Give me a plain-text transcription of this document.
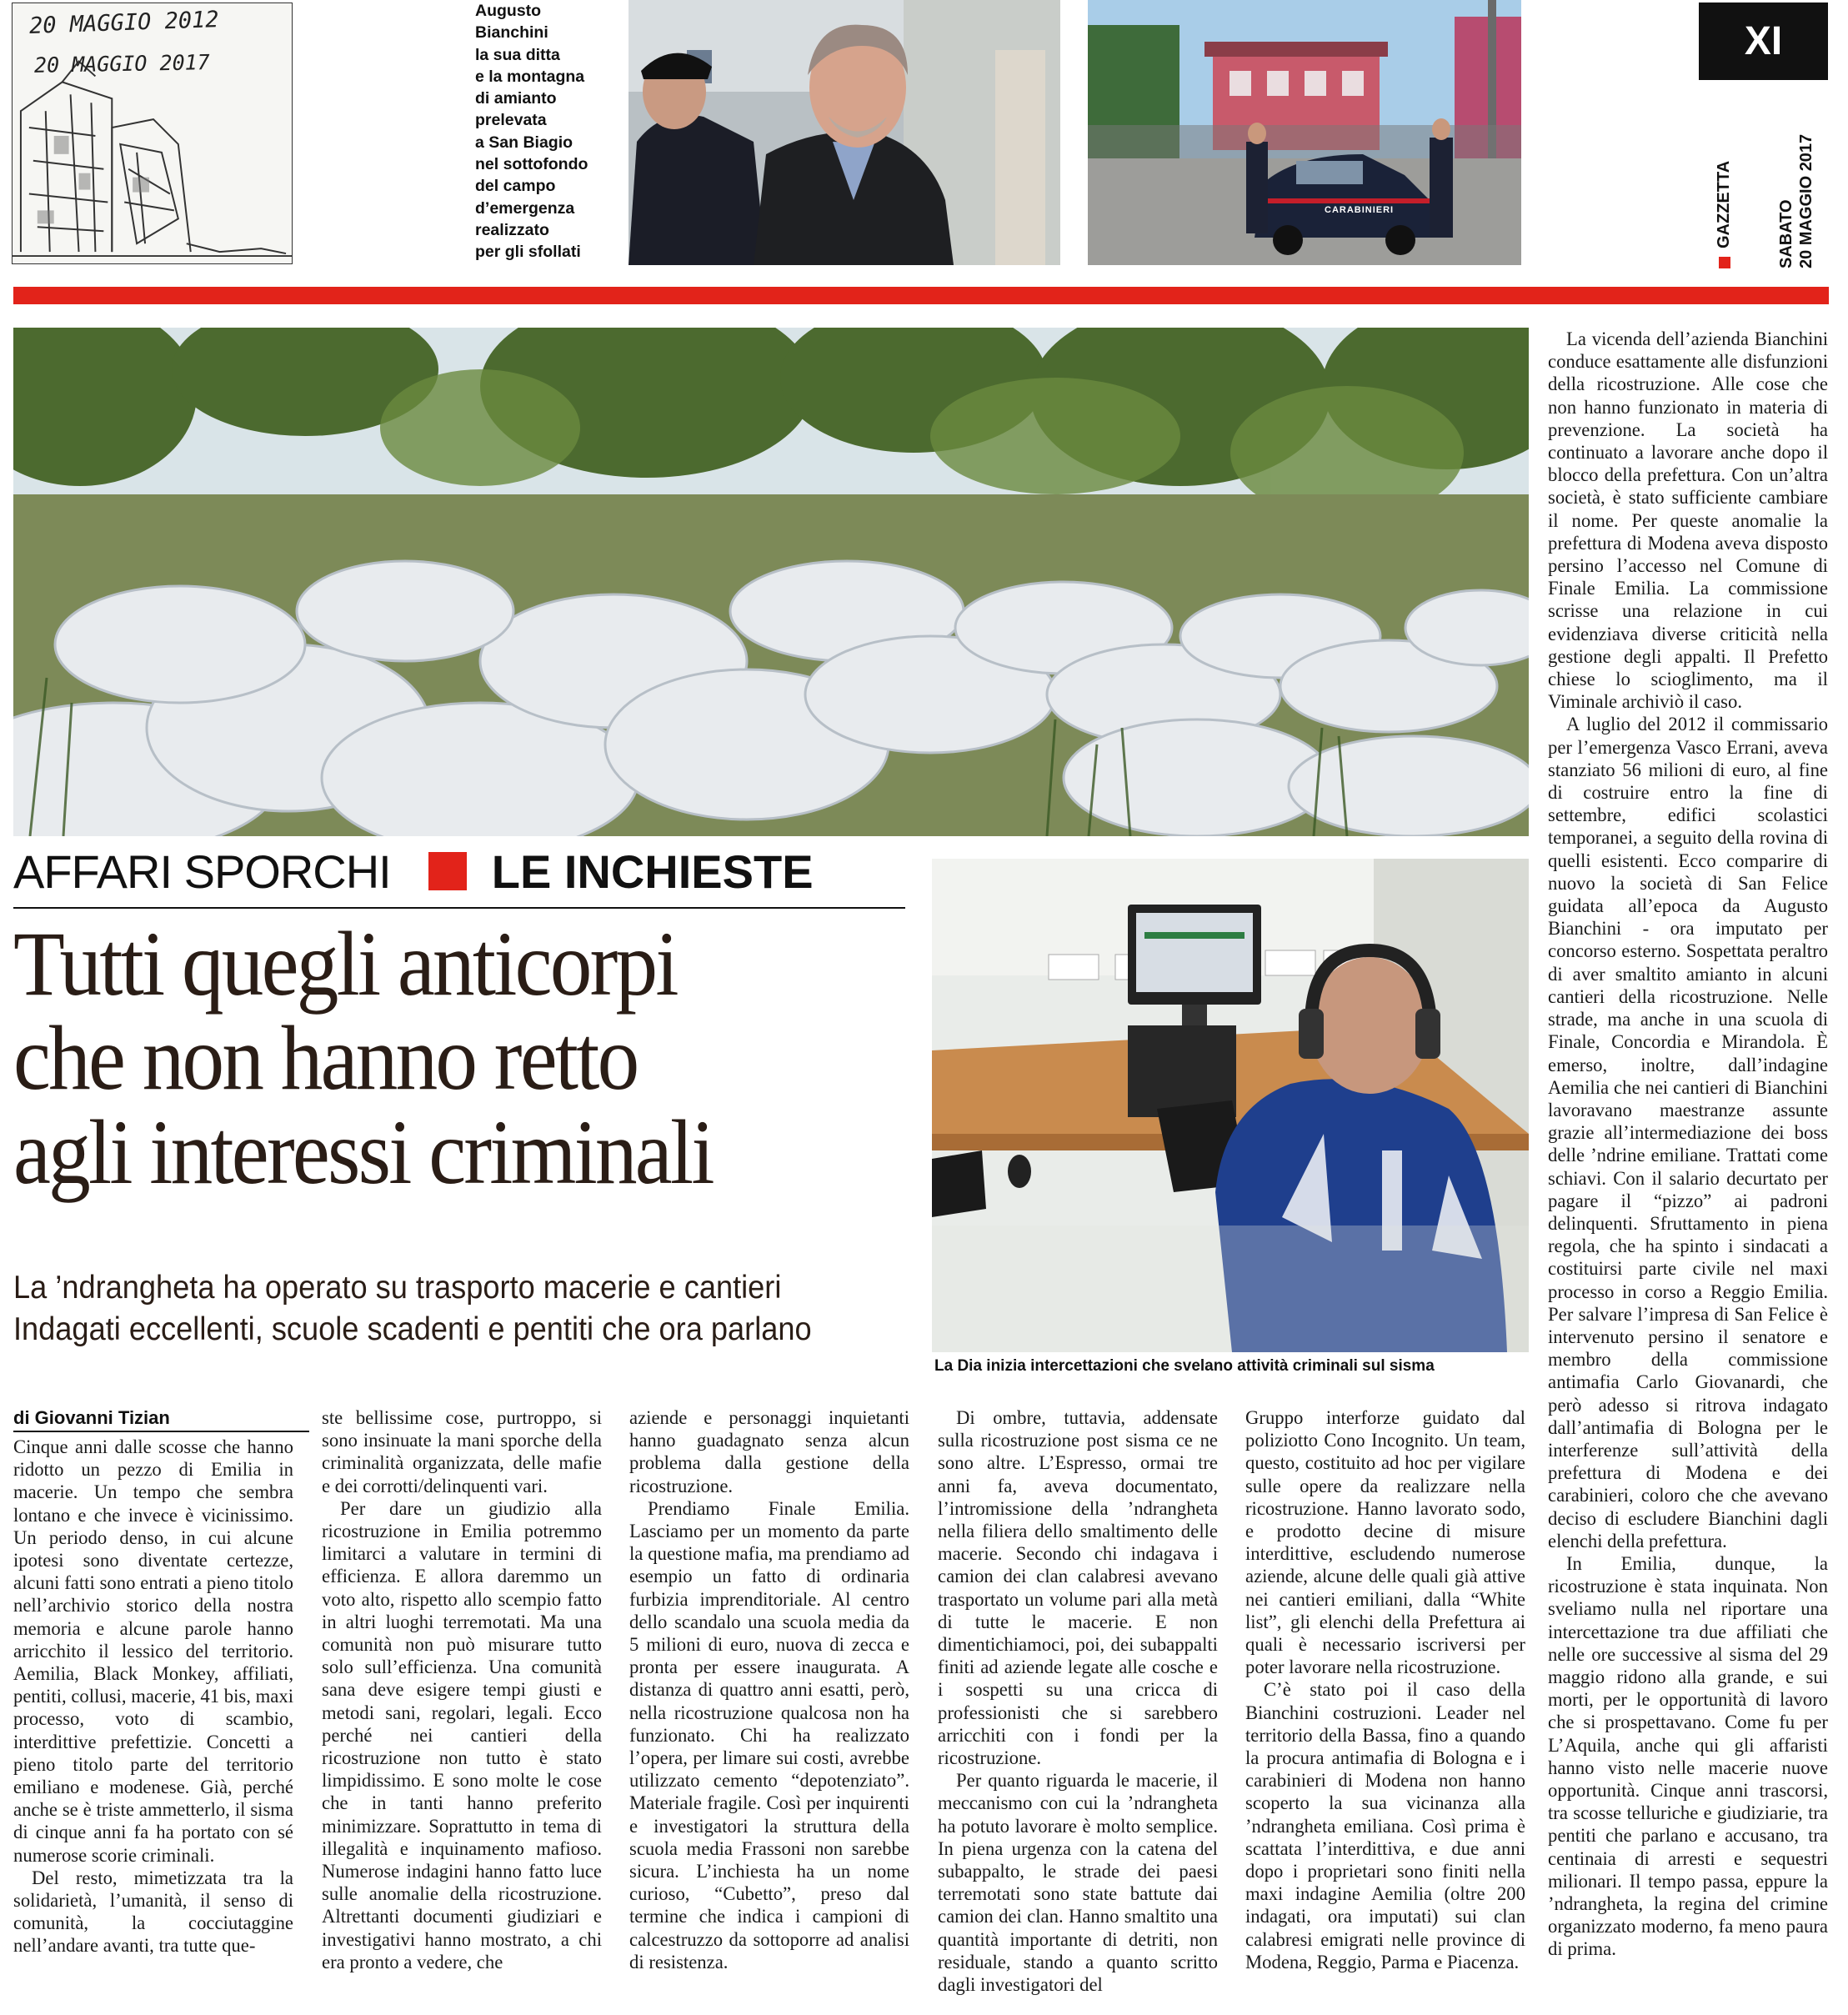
20 MAGGIO 2012
20 MAGGIO 2017
Augusto
Bianchini
la sua ditta
e la montagna
di amianto
prelevata
a San Biagio
nel sottofondo
del campo
d’emergenza
realizzato
per gli sfollati
CARABINIERI
XI
GAZZETTA	SABATO 20 MAGGIO 2017
AFFARI SPORCHI LE INCHIESTE
Tutti quegli anticorpi
che non hanno retto
agli interessi criminali
La ’ndrangheta ha operato su trasporto macerie e cantieri
Indagati eccellenti, scuole scadenti e pentiti che ora parlano
La Dia inizia intercettazioni che svelano attività criminali sul sisma
di Giovanni Tizian

Cinque anni dalle scosse che hanno ridotto un pezzo di Emilia in macerie. Un tempo che sembra lontano e che invece è vicinissimo. Un periodo denso, in cui alcune ipotesi sono diventate certezze, alcuni fatti sono entrati a pieno titolo nell’archivio storico della nostra memoria e alcune parole hanno arricchito il lessico del territorio. Aemilia, Black Monkey, affiliati, pentiti, collusi, macerie, 41 bis, maxi processo, voto di scambio, interdittive prefettizie. Concetti a pieno titolo parte del territorio emiliano e modenese. Già, perché anche se è triste ammetterlo, il sisma di cinque anni fa ha portato con sé numerose scorie criminali.

Del resto, mimetizzata tra la solidarietà, l’umanità, il senso di comunità, la cocciutaggine nell’andare avanti, tra tutte que-

ste bellissime cose, purtroppo, si sono insinuate la mani sporche della criminalità organizzata, delle mafie e dei corrotti/delinquenti vari.

Per dare un giudizio alla ricostruzione in Emilia potremmo limitarci a valutare in termini di efficienza. E allora daremmo un voto alto, rispetto allo scempio fatto in altri luoghi terremotati. Ma una comunità non può misurare tutto solo sull’efficienza. Una comunità sana deve esigere tempi giusti e metodi sani, regolari, legali. Ecco perché nei cantieri della ricostruzione non tutto è stato limpidissimo. E sono molte le cose che in tanti hanno preferito minimizzare. Soprattutto in tema di illegalità e inquinamento mafioso. Numerose indagini hanno fatto luce sulle anomalie della ricostruzione. Altrettanti documenti giudiziari e investigativi hanno mostrato, a chi era pronto a vedere, che

aziende e personaggi inquietanti hanno guadagnato senza alcun problema dalla gestione della ricostruzione.

Prendiamo Finale Emilia. Lasciamo per un momento da parte la questione mafia, ma prendiamo ad esempio un fatto di ordinaria furbizia imprenditoriale. Al centro dello scandalo una scuola media da 5 milioni di euro, nuova di zecca e pronta per essere inaugurata. A distanza di quattro anni esatti, però, nella ricostruzione qualcosa non ha funzionato. Chi ha realizzato l’opera, per limare sui costi, avrebbe utilizzato cemento “depotenziato”. Materiale fragile. Così per inquirenti e investigatori la struttura della scuola media Frassoni non sarebbe sicura. L’inchiesta ha un nome curioso, “Cubetto”, preso dal termine che indica i campioni di calcestruzzo da sottoporre ad analisi di resistenza.

Di ombre, tuttavia, addensate sulla ricostruzione post sisma ce ne sono altre. L’Espresso, ormai tre anni fa, aveva documentato, l’intromissione della ’ndrangheta nella filiera dello smaltimento delle macerie. Secondo chi indagava i camion dei clan calabresi avevano trasportato un volume pari alla metà di tutte le macerie. E non dimentichiamoci, poi, dei subappalti finiti ad aziende legate alle cosche e i sospetti su una cricca di professionisti che si sarebbero arricchiti con i fondi per la ricostruzione.

Per quanto riguarda le macerie, il meccanismo con cui la ’ndrangheta ha potuto lavorare è molto semplice. In piena urgenza con la catena del subappalto, le strade dei paesi terremotati sono state battute dai camion dei clan. Hanno smaltito una quantità importante di detriti, non residuale, stando a quanto scritto dagli investigatori del

Gruppo interforze guidato dal poliziotto Cono Incognito. Un team, questo, costituito ad hoc per vigilare sulle opere da realizzare nella ricostruzione. Hanno lavorato sodo, e prodotto decine di misure interdittive, escludendo numerose aziende, alcune delle quali già attive nei cantieri emiliani, dalla “White list”, gli elenchi della Prefettura ai quali è necessario iscriversi per poter lavorare nella ricostruzione.

C’è stato poi il caso della Bianchini costruzioni. Leader nel territorio della Bassa, fino a quando la procura antimafia di Bologna e i carabinieri di Modena non hanno scoperto la sua vicinanza alla ’ndrangheta emiliana. Così prima è scattata l’interdittiva, e due anni dopo i proprietari sono finiti nella maxi indagine Aemilia (oltre 200 indagati, ora imputati) sui clan calabresi emigrati nelle province di Modena, Reggio, Parma e Piacenza.

La vicenda dell’azienda Bianchini conduce esattamente alle disfunzioni della ricostruzione. Alle cose che non hanno funzionato in materia di prevenzione. La società ha continuato a lavorare anche dopo il blocco della prefettura. Con un’altra società, è stato sufficiente cambiare il nome. Per queste anomalie la prefettura di Modena aveva disposto persino l’accesso nel Comune di Finale Emilia. La commissione scrisse una relazione in cui evidenziava diverse criticità nella gestione degli appalti. Il Prefetto chiese lo scioglimento, ma il Viminale archiviò il caso.

A luglio del 2012 il commissario per l’emergenza Vasco Errani, aveva stanziato 56 milioni di euro, al fine di costruire entro la fine di settembre, edifici scolastici temporanei, a seguito della rovina di quelli esistenti. Ecco comparire di nuovo la società di San Felice guidata all’epoca da Augusto Bianchini - ora imputato per concorso esterno. Sospettata peraltro di aver smaltito amianto in alcuni cantieri della ricostruzione. Nelle strade, ma anche in una scuola di Finale, Concordia e Mirandola. È emerso, inoltre, dall’indagine Aemilia che nei cantieri di Bianchini lavoravano maestranze assunte grazie all’intermediazione dei boss delle ’ndrine emiliane. Trattati come schiavi. Con il salario decurtato per pagare il “pizzo” ai padroni delinquenti. Sfruttamento in piena regola, che ha spinto i sindacati a costituirsi parte civile nel maxi processo in corso a Reggio Emilia. Per salvare l’impresa di San Felice è intervenuto persino il senatore e membro della commissione antimafia Carlo Giovanardi, che però adesso si ritrova indagato dall’antimafia di Bologna per le interferenze sull’attività della prefettura di Modena e dei carabinieri, coloro che che avevano deciso di escludere Bianchini dagli elenchi della prefettura.

In Emilia, dunque, la ricostruzione è stata inquinata. Non sveliamo nulla nel riportare una intercettazione tra due affiliati che nelle ore successive al sisma del 29 maggio ridono alla grande, e sui morti, per le opportunità di lavoro che si prospettavano. Come fu per L’Aquila, anche qui gli affaristi hanno visto nelle macerie nuove opportunità. Cinque anni trascorsi, tra scosse telluriche e giudiziarie, tra pentiti che parlano e accusano, tra centinaia di arresti e sequestri milionari. Il tempo passa, eppure la ’ndrangheta, la regina del crimine organizzato moderno, fa meno paura di prima.
